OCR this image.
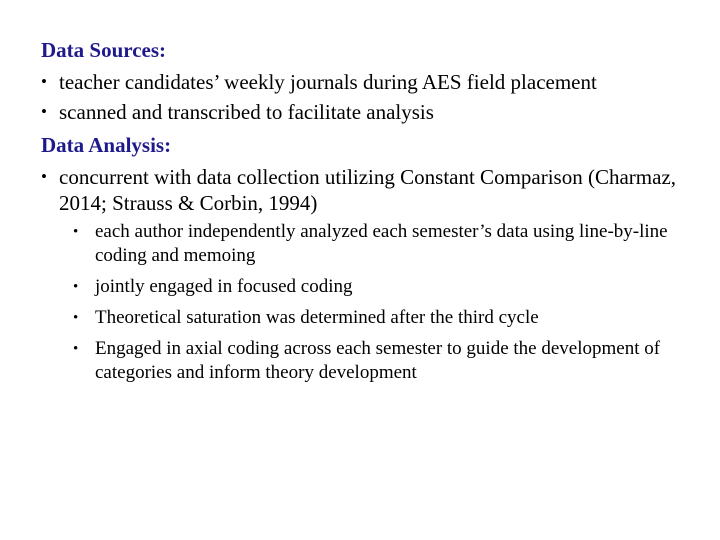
Data Sources:
• teacher candidates’ weekly journals during AES field placement
• scanned and transcribed to facilitate analysis
Data Analysis:
• concurrent with data collection utilizing Constant Comparison (Charmaz, 2014; Strauss & Corbin, 1994)
• each author independently analyzed each semester’s data using line-by-line coding and memoing
• jointly engaged in focused coding
• Theoretical saturation was determined after the third cycle
• Engaged in axial coding across each semester to guide the development of categories and inform theory development
